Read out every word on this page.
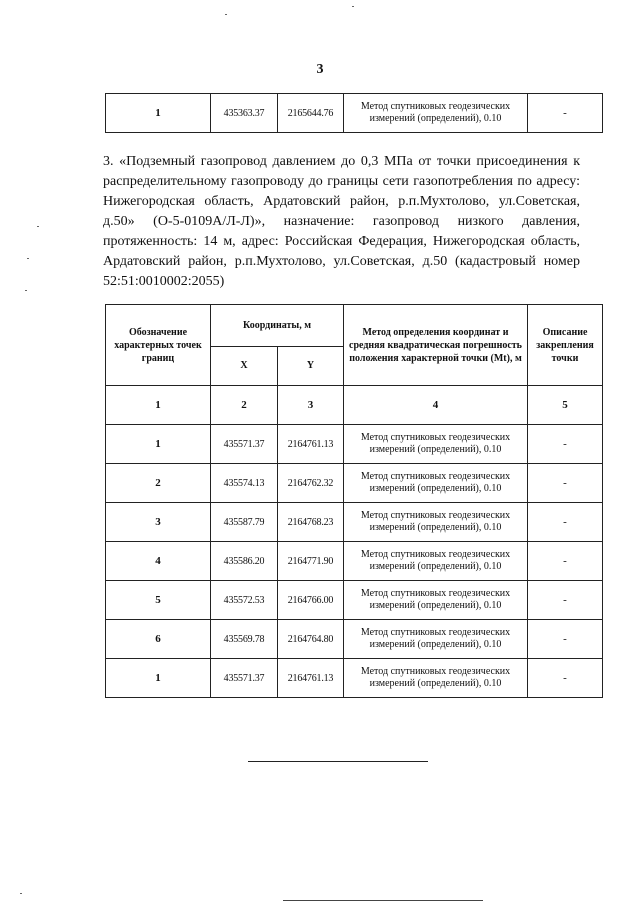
3
1	435363.37	2165644.76	Метод спутниковых геодезических измерений (определений), 0.10	-
3. «Подземный газопровод давлением до 0,3 МПа от точки присоединения к распределительному газопроводу до границы сети газопотребления по адресу: Нижегородская область, Ардатовский район, р.п.Мухтолово, ул.Советская, д.50» (О-5-0109А/Л-Л)», назначение: газопровод низкого давления, протяженность: 14 м, адрес: Российская Федерация, Нижегородская область, Ардатовский район, р.п.Мухтолово, ул.Советская, д.50 (кадастровый номер 52:51:0010002:2055)
Обозначение характерных точек границ	Координаты, м		Метод определения координат и средняя квадратическая погрешность положения характерной точки (Mt), м	Описание закрепления точки
	X	Y		
1	2	3	4	5
1	435571.37	2164761.13	Метод спутниковых геодезических измерений (определений), 0.10	-
2	435574.13	2164762.32	Метод спутниковых геодезических измерений (определений), 0.10	-
3	435587.79	2164768.23	Метод спутниковых геодезических измерений (определений), 0.10	-
4	435586.20	2164771.90	Метод спутниковых геодезических измерений (определений), 0.10	-
5	435572.53	2164766.00	Метод спутниковых геодезических измерений (определений), 0.10	-
6	435569.78	2164764.80	Метод спутниковых геодезических измерений (определений), 0.10	-
1	435571.37	2164761.13	Метод спутниковых геодезических измерений (определений), 0.10	-
